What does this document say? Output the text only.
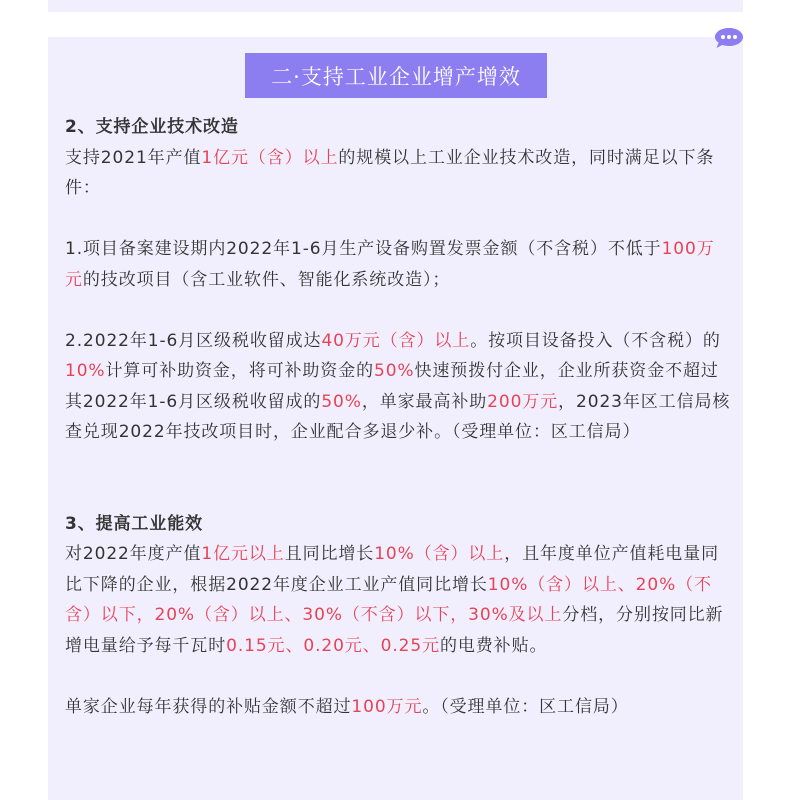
二·支持工业企业增产增效

2、支持企业技术改造

支持2021年产值1亿元（含）以上的规模以上工业企业技术改造，同时满足以下条件：

1.项目备案建设期内2022年1-6月生产设备购置发票金额（不含税）不低于100万元的技改项目（含工业软件、智能化系统改造）；

2.2022年1-6月区级税收留成达40万元（含）以上。按项目设备投入（不含税）的10%计算可补助资金，将可补助资金的50%快速预拨付企业，企业所获资金不超过其2022年1-6月区级税收留成的50%，单家最高补助200万元，2023年区工信局核查兑现2022年技改项目时，企业配合多退少补。（受理单位：区工信局）

3、提高工业能效

对2022年度产值1亿元以上且同比增长10%（含）以上，且年度单位产值耗电量同比下降的企业，根据2022年度企业工业产值同比增长10%（含）以上、20%（不含）以下，20%（含）以上、30%（不含）以下，30%及以上分档，分别按同比新增电量给予每千瓦时0.15元、0.20元、0.25元的电费补贴。

单家企业每年获得的补贴金额不超过100万元。（受理单位：区工信局）
